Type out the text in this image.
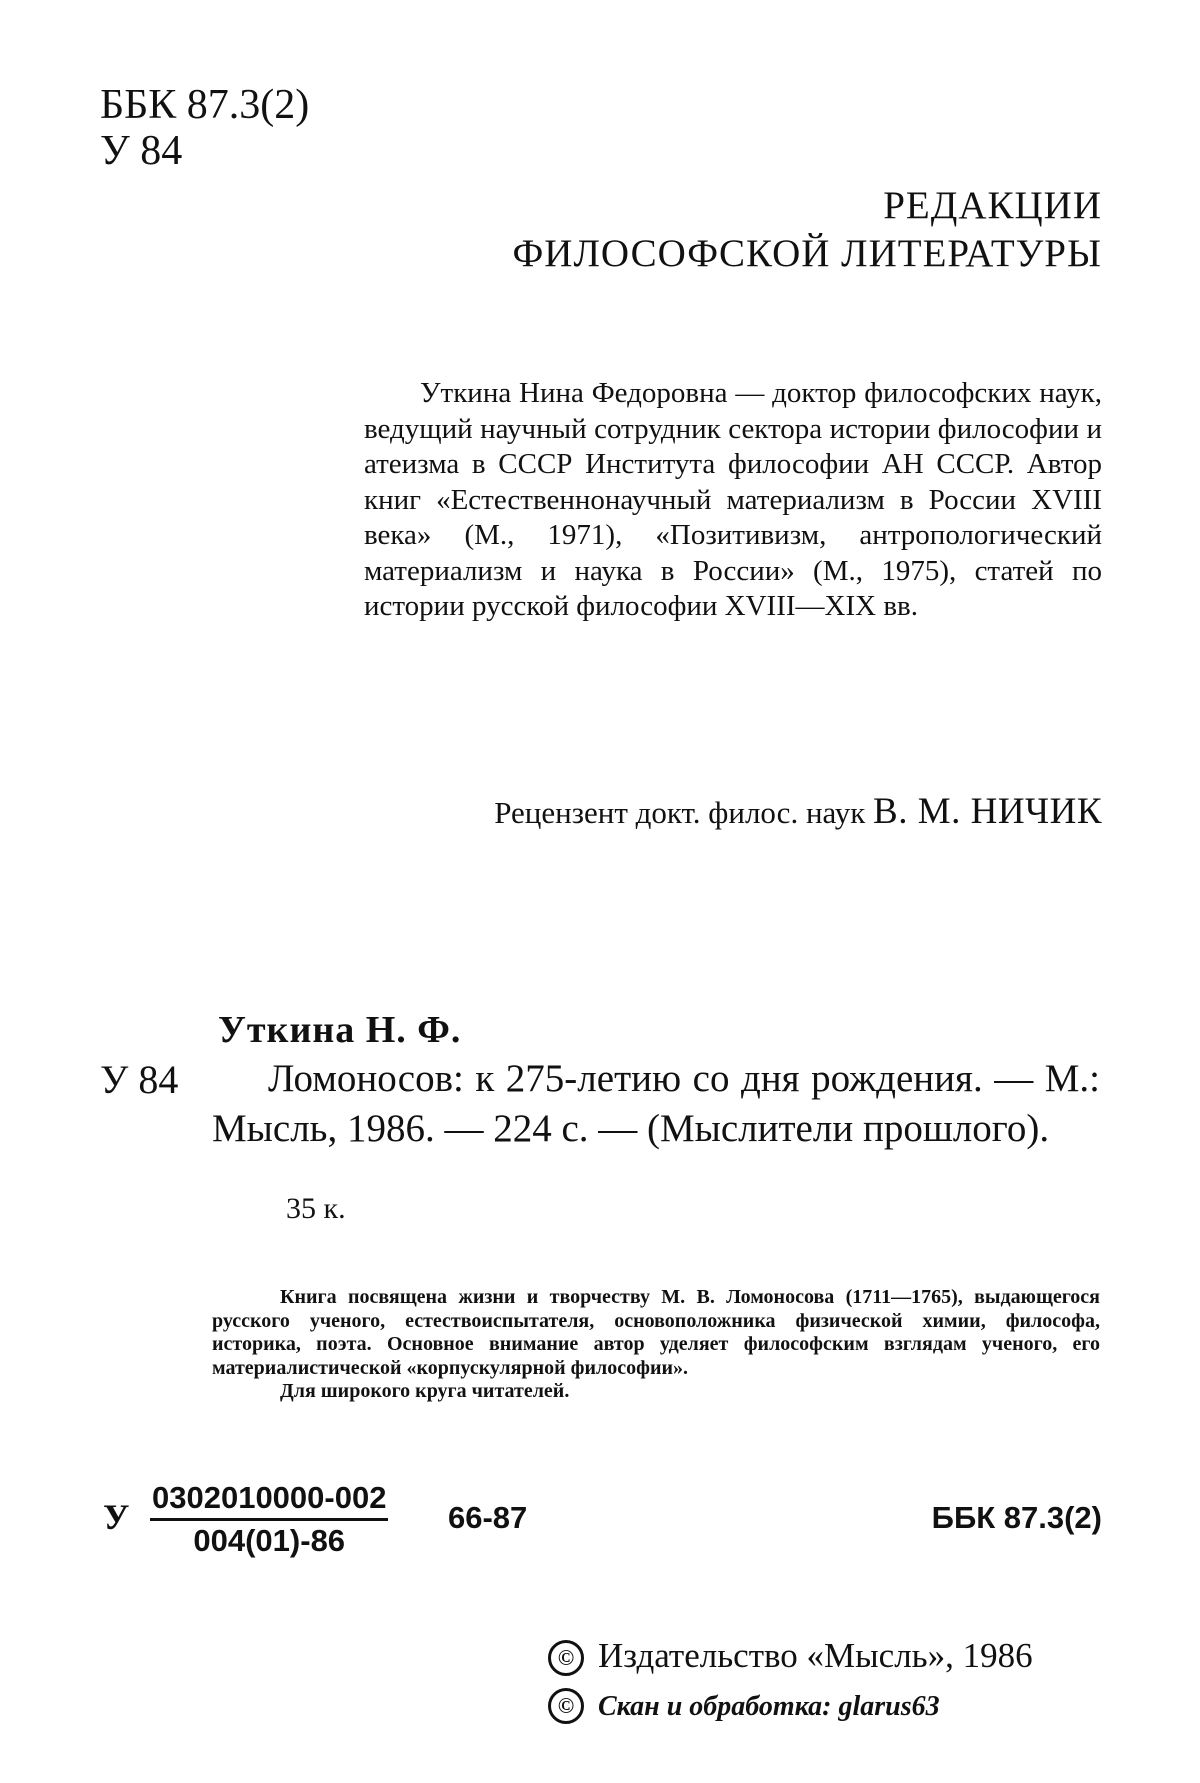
ББК 87.3(2)
У 84
РЕДАКЦИИ
ФИЛОСОФСКОЙ ЛИТЕРАТУРЫ

Уткина Нина Федоровна — доктор философских наук, ведущий научный сотрудник сектора истории философии и атеизма в СССР Института философии АН СССР. Автор книг «Естественнонаучный материализм в России XVIII века» (М., 1971), «Позитивизм, антропологический материализм и наука в России» (М., 1975), статей по истории русской философии XVIII—XIX вв.

Рецензент докт. филос. наук В. М. НИЧИК
Уткина Н. Ф.
У 84	Ломоносов: к 275-летию со дня рождения. — М.: Мысль, 1986. — 224 с. — (Мыслители прошлого).

35 к.

Книга посвящена жизни и творчеству М. В. Ломоносова (1711—1765), выдающегося русского ученого, естествоиспытателя, основоположника физической химии, философа, историка, поэта. Основное внимание автор уделяет философским взглядам ученого, его материалистической «корпускулярной философии».

Для широкого круга читателей.

У $\frac{0302010000-002}{004(01)-86} 66-87$	ББК 87.3(2)
© Издательство «Мысль», 1986
© Скан и обработка: glarus63
